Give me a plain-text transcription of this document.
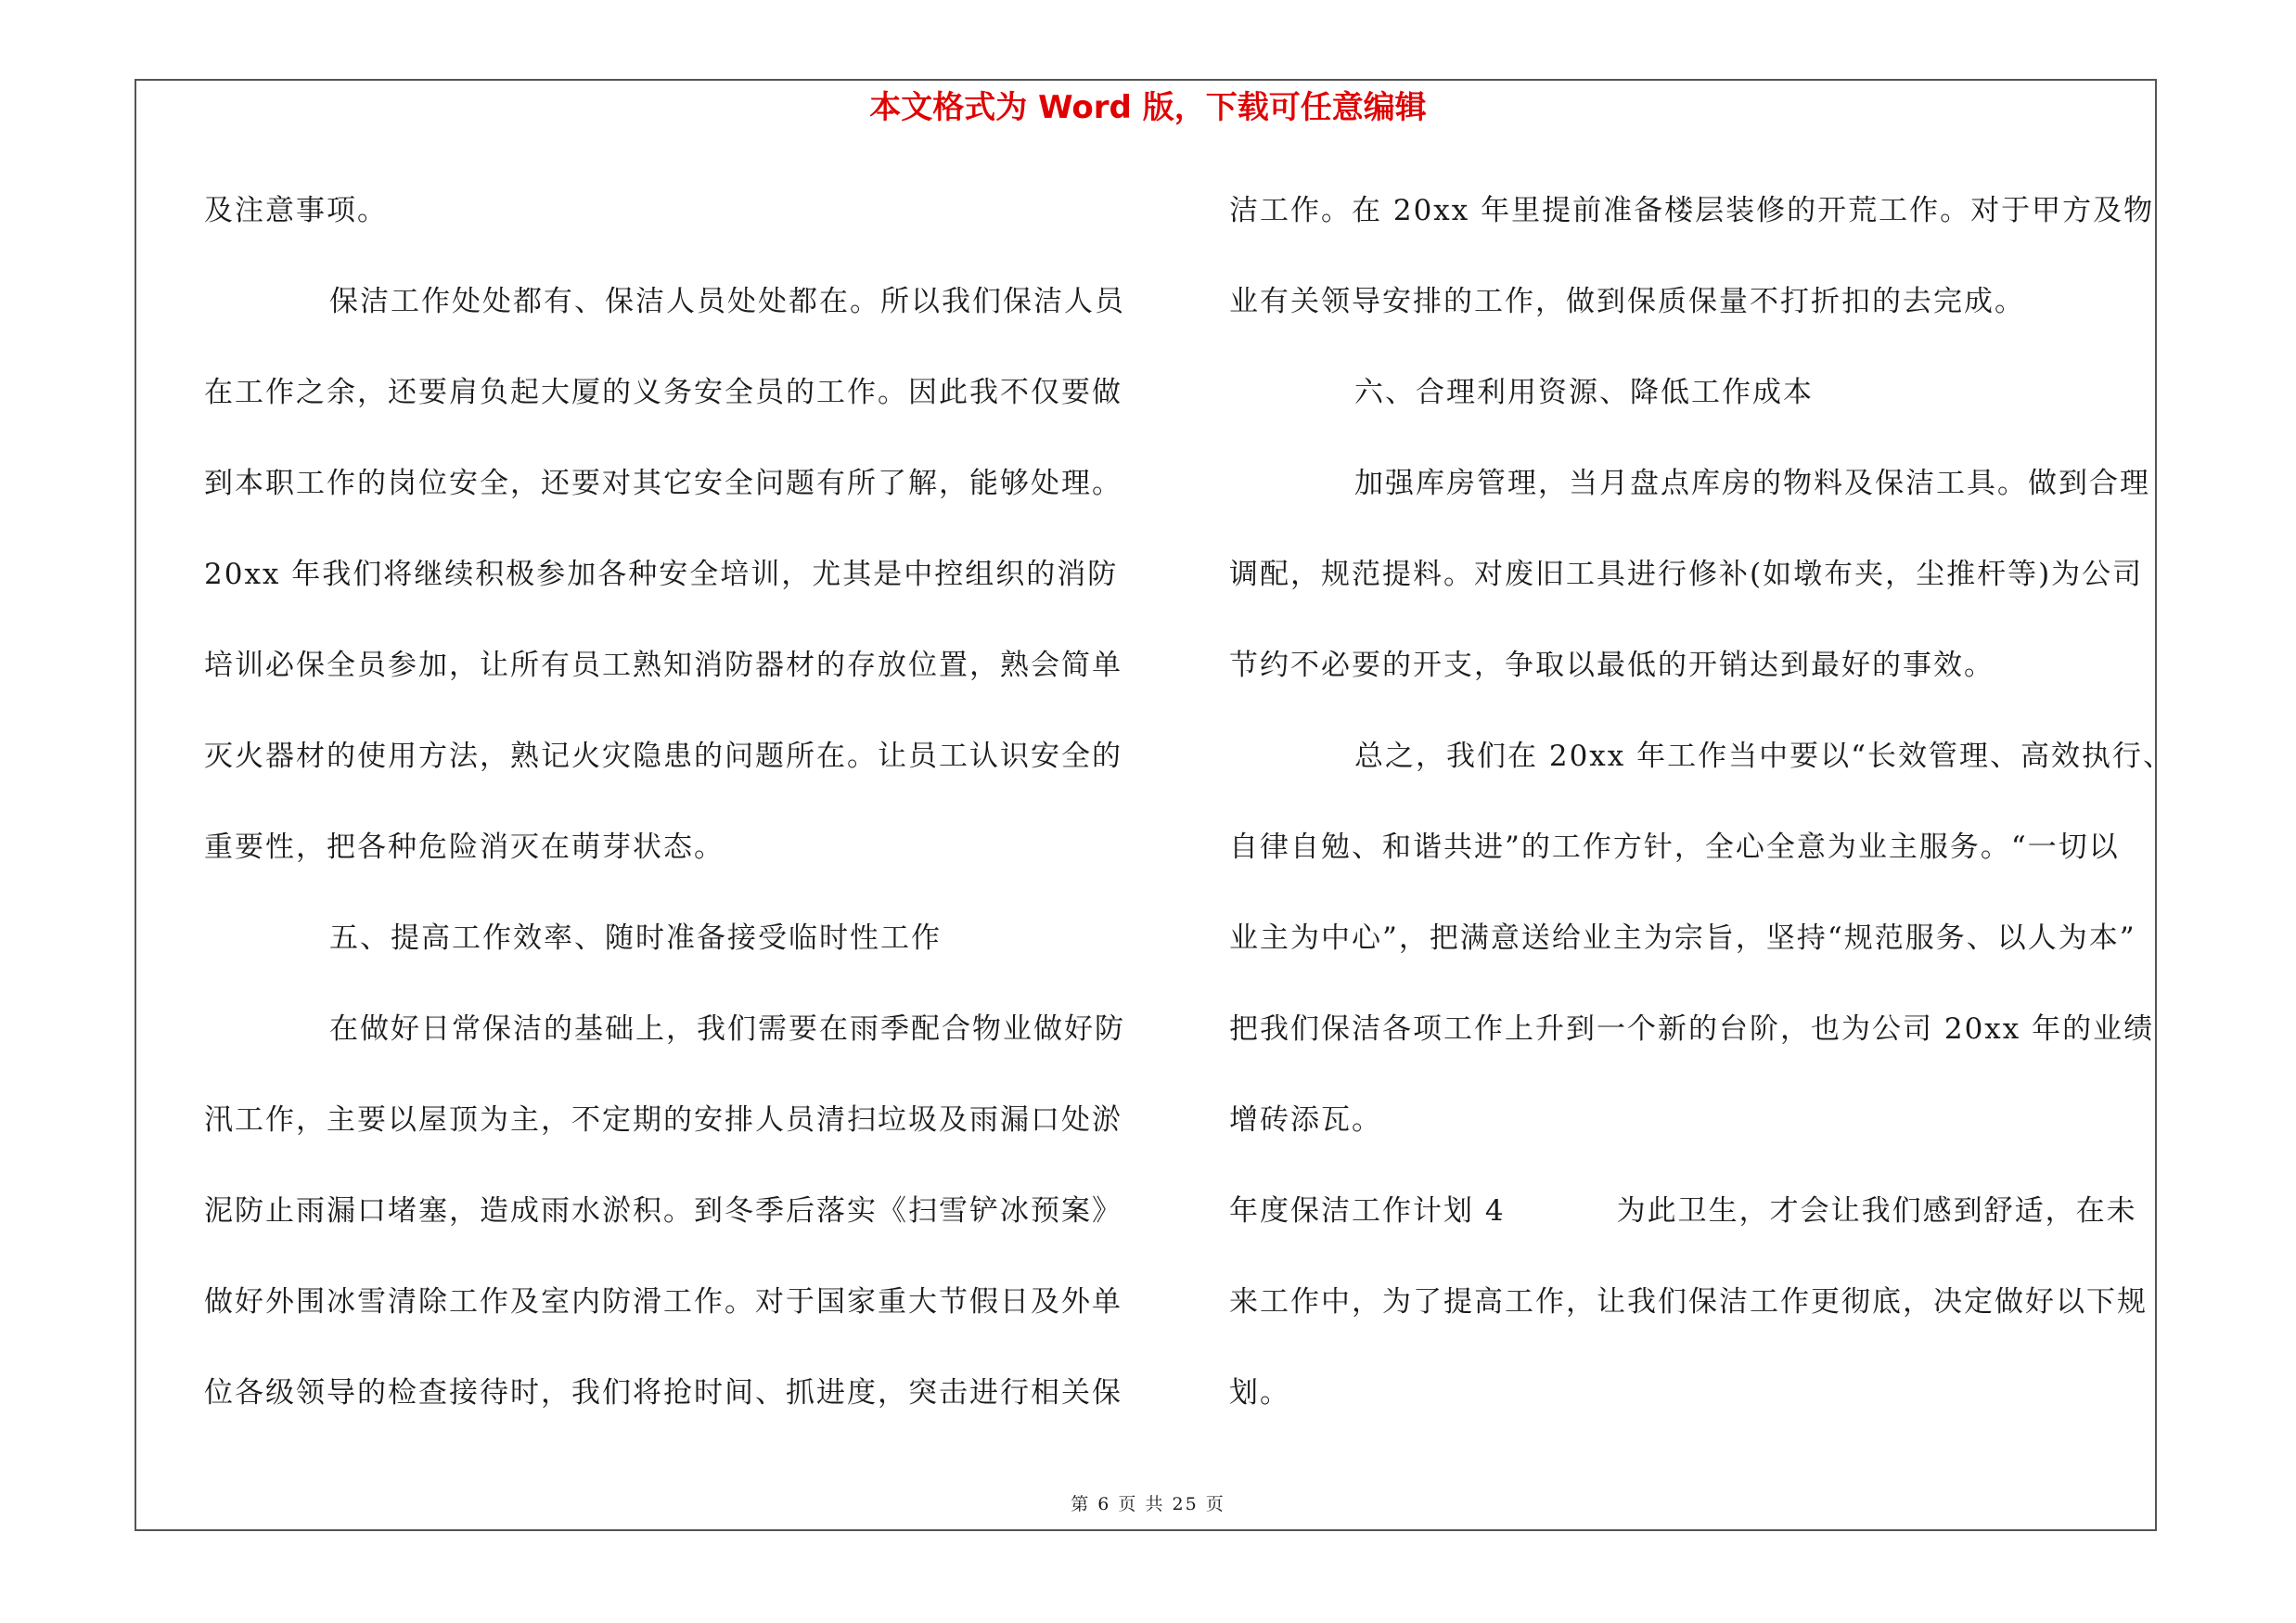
本文格式为 Word 版，下载可任意编辑
及注意事项。
保洁工作处处都有、保洁人员处处都在。所以我们保洁人员
在工作之余，还要肩负起大厦的义务安全员的工作。因此我不仅要做
到本职工作的岗位安全，还要对其它安全问题有所了解，能够处理。
20xx 年我们将继续积极参加各种安全培训，尤其是中控组织的消防
培训必保全员参加，让所有员工熟知消防器材的存放位置，熟会简单
灭火器材的使用方法，熟记火灾隐患的问题所在。让员工认识安全的
重要性，把各种危险消灭在萌芽状态。
五、提高工作效率、随时准备接受临时性工作
在做好日常保洁的基础上，我们需要在雨季配合物业做好防
汛工作，主要以屋顶为主，不定期的安排人员清扫垃圾及雨漏口处淤
泥防止雨漏口堵塞，造成雨水淤积。到冬季后落实《扫雪铲冰预案》
做好外围冰雪清除工作及室内防滑工作。对于国家重大节假日及外单
位各级领导的检查接待时，我们将抢时间、抓进度，突击进行相关保
洁工作。在 20xx 年里提前准备楼层装修的开荒工作。对于甲方及物
业有关领导安排的工作，做到保质保量不打折扣的去完成。
六、合理利用资源、降低工作成本
加强库房管理，当月盘点库房的物料及保洁工具。做到合理
调配，规范提料。对废旧工具进行修补(如墩布夹，尘推杆等)为公司
节约不必要的开支，争取以最低的开销达到最好的事效。
总之，我们在 20xx 年工作当中要以“长效管理、高效执行、
自律自勉、和谐共进”的工作方针，全心全意为业主服务。“一切以
业主为中心”，把满意送给业主为宗旨，坚持“规范服务、以人为本”
把我们保洁各项工作上升到一个新的台阶，也为公司 20xx 年的业绩
增砖添瓦。
年度保洁工作计划 4	为此卫生，才会让我们感到舒适，在未
来工作中，为了提高工作，让我们保洁工作更彻底，决定做好以下规
划。
第 6 页 共 25 页
